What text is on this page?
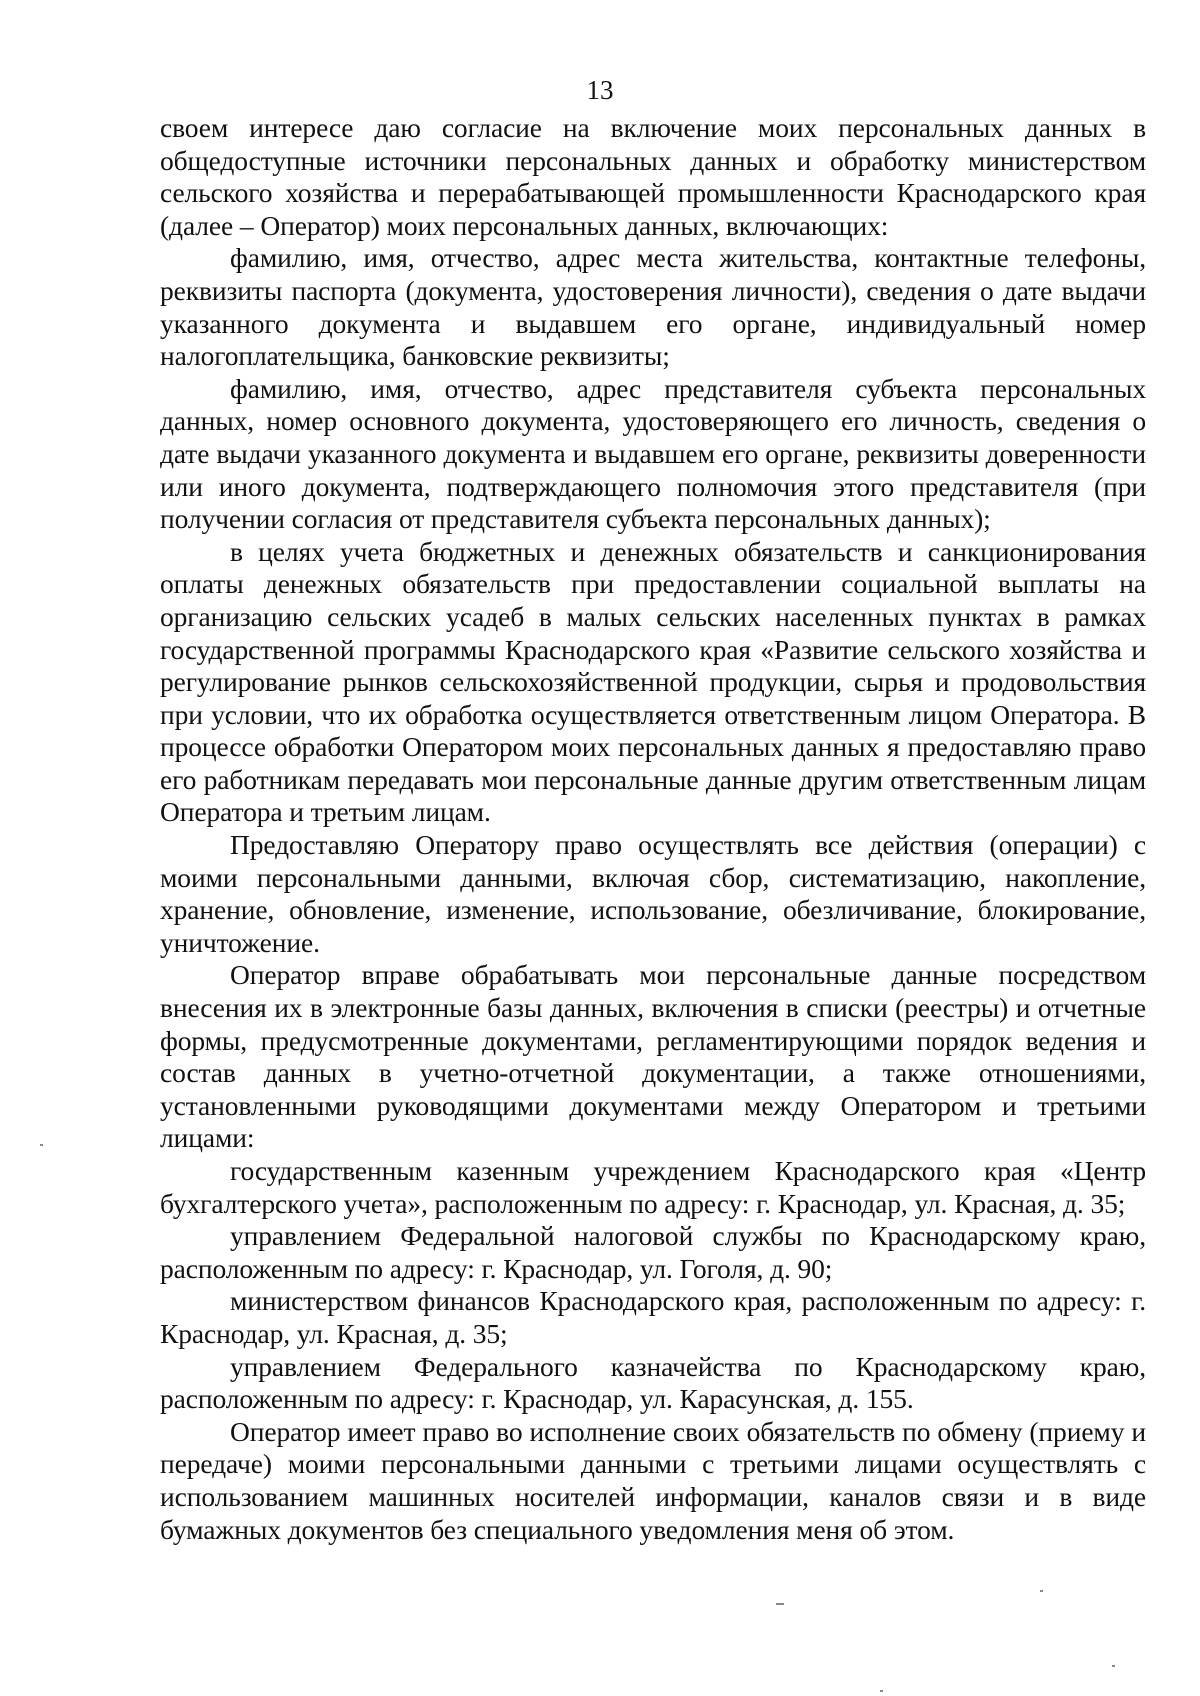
13

своем интересе даю согласие на включение моих персональных данных в общедоступные источники персональных данных и обработку министерством сельского хозяйства и перерабатывающей промышленности Краснодарского края (далее – Оператор) моих персональных данных, включающих:

фамилию, имя, отчество, адрес места жительства, контактные телефоны, реквизиты паспорта (документа, удостоверения личности), сведения о дате выдачи указанного документа и выдавшем его органе, индивидуальный номер налогоплательщика, банковские реквизиты;

фамилию, имя, отчество, адрес представителя субъекта персональных данных, номер основного документа, удостоверяющего его личность, сведения о дате выдачи указанного документа и выдавшем его органе, реквизиты доверенности или иного документа, подтверждающего полномочия этого представителя (при получении согласия от представителя субъекта персональных данных);

в целях учета бюджетных и денежных обязательств и санкционирования оплаты денежных обязательств при предоставлении социальной выплаты на организацию сельских усадеб в малых сельских населенных пунктах в рамках государственной программы Краснодарского края «Развитие сельского хозяйства и регулирование рынков сельскохозяйственной продукции, сырья и продовольствия при условии, что их обработка осуществляется ответственным лицом Оператора. В процессе обработки Оператором моих персональных данных я предоставляю право его работникам передавать мои персональные данные другим ответственным лицам Оператора и третьим лицам.

Предоставляю Оператору право осуществлять все действия (операции) с моими персональными данными, включая сбор, систематизацию, накопление, хранение, обновление, изменение, использование, обезличивание, блокирование, уничтожение.

Оператор вправе обрабатывать мои персональные данные посредством внесения их в электронные базы данных, включения в списки (реестры) и отчетные формы, предусмотренные документами, регламентирующими порядок ведения и состав данных в учетно-отчетной документации, а также отношениями, установленными руководящими документами между Оператором и третьими лицами:

государственным казенным учреждением Краснодарского края «Центр бухгалтерского учета», расположенным по адресу: г. Краснодар, ул. Красная, д. 35;

управлением Федеральной налоговой службы по Краснодарскому краю, расположенным по адресу: г. Краснодар, ул. Гоголя, д. 90;

министерством финансов Краснодарского края, расположенным по адресу: г. Краснодар, ул. Красная, д. 35;

управлением Федерального казначейства по Краснодарскому краю, расположенным по адресу: г. Краснодар, ул. Карасунская, д. 155.

Оператор имеет право во исполнение своих обязательств по обмену (приему и передаче) моими персональными данными с третьими лицами осуществлять с использованием машинных носителей информации, каналов связи и в виде бумажных документов без специального уведомления меня об этом.
